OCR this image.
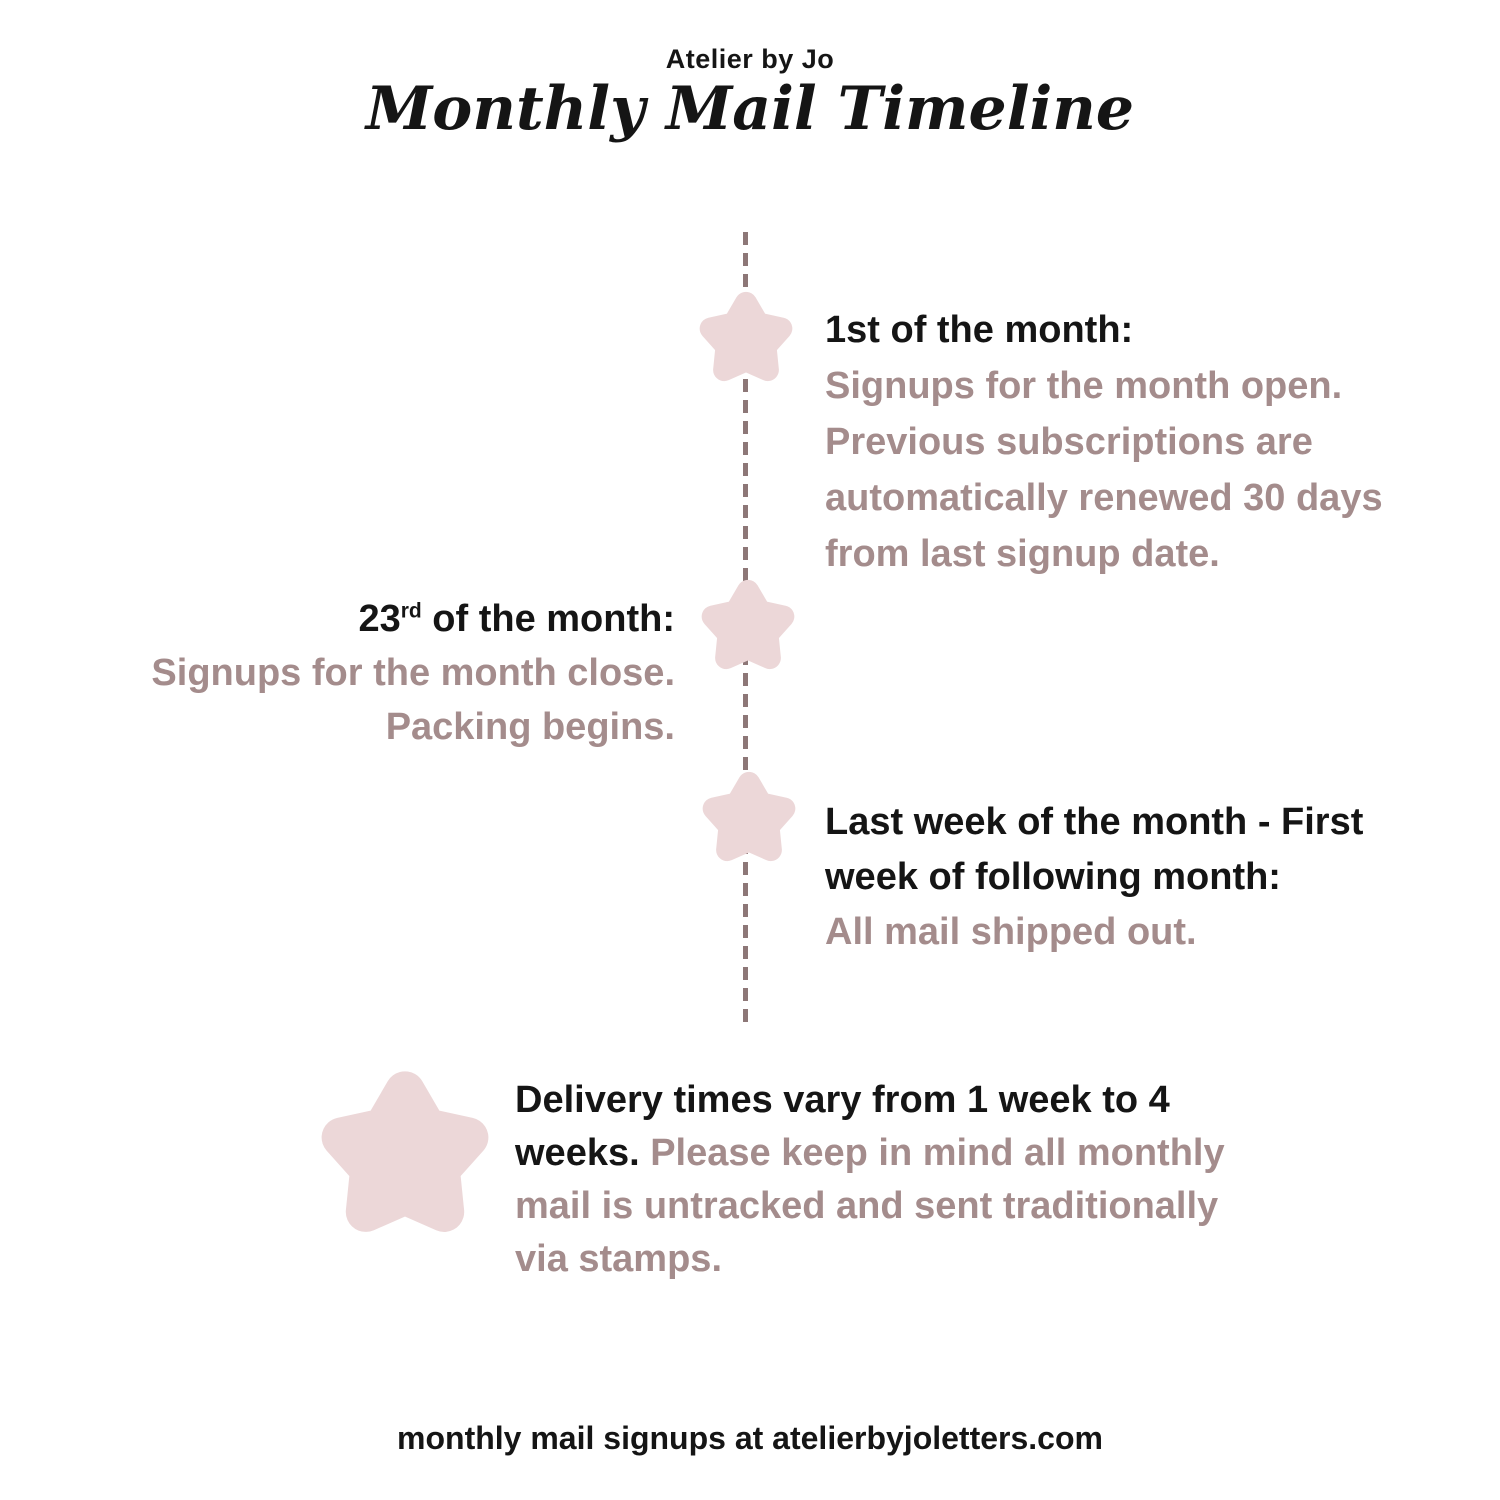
Atelier by Jo
Monthly Mail Timeline
1st of the month:
Signups for the month open.
Previous subscriptions are
automatically renewed 30 days
from last signup date.
23rd of the month:
Signups for the month close.
Packing begins.
Last week of the month - First
week of following month:
All mail shipped out.
Delivery times vary from 1 week to 4
weeks. Please keep in mind all monthly
mail is untracked and sent traditionally
via stamps.
monthly mail signups at atelierbyjoletters.com
